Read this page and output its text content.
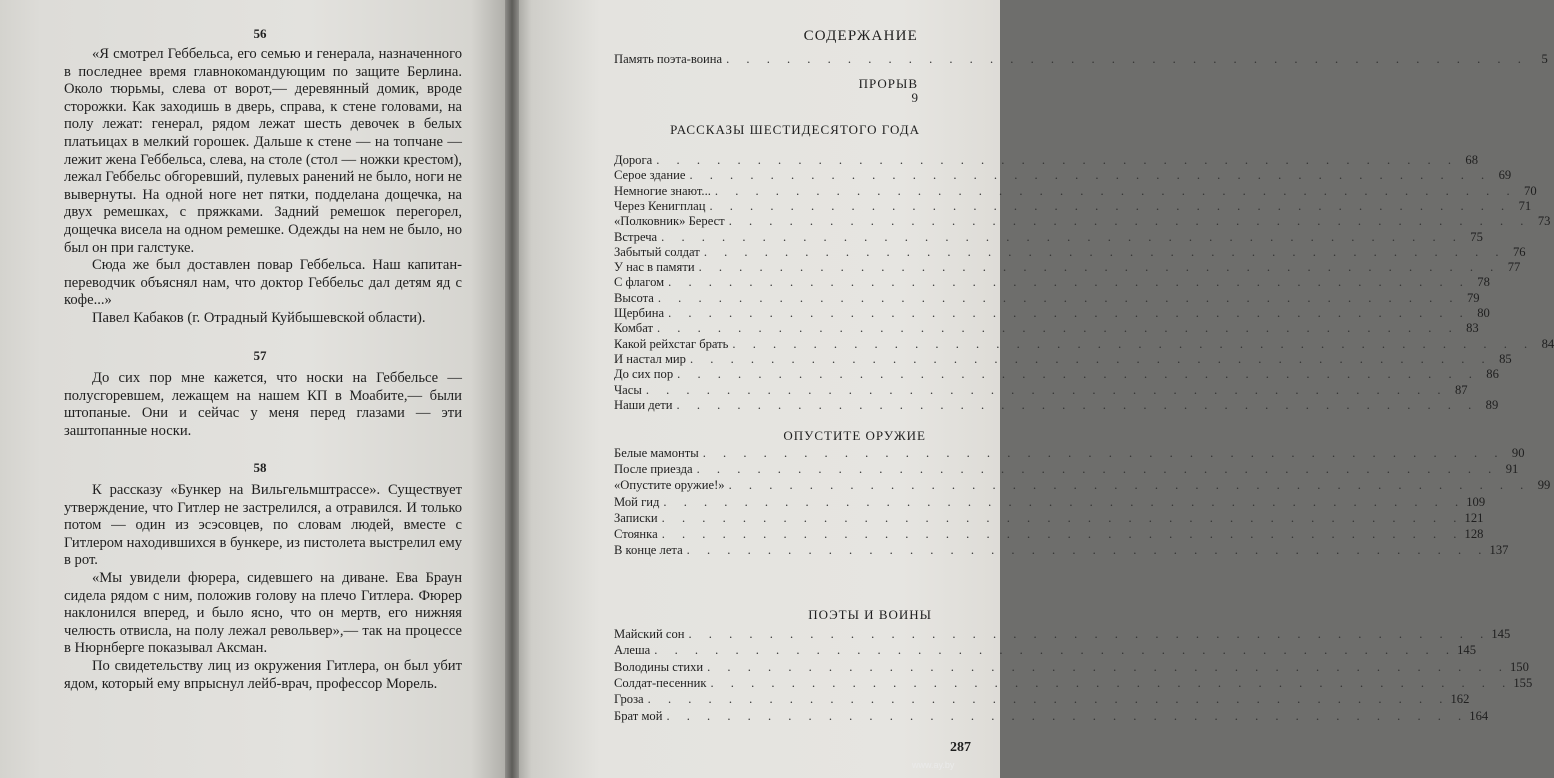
56

«Я смотрел Геббельса, его семью и генерала, назначенного в последнее время главнокомандующим по защите Берлина. Около тюрьмы, слева от ворот,— деревянный домик, вроде сторожки. Как заходишь в дверь, справа, к стене головами, на полу лежат: генерал, рядом лежат шесть девочек в белых платьицах в мелкий горошек. Дальше к стене — на топчане — лежит жена Геббельса, слева, на столе (стол — ножки крестом), лежал Геббельс обгоревший, пулевых ранений не было, ноги не вывернуты. На одной ноге нет пятки, подделана дощечка, на двух ремешках, с пряжками. Задний ремешок перегорел, дощечка висела на одном ремешке. Одежды на нем не было, но был он при галстуке.

Сюда же был доставлен повар Геббельса. Наш капитан-переводчик объяснял нам, что доктор Геббельс дал детям яд с кофе...»

Павел Кабаков (г. Отрадный Куйбышевской области).

57

До сих пор мне кажется, что носки на Геббельсе — полусгоревшем, лежащем на нашем КП в Моабите,— были штопаные. Они и сейчас у меня перед глазами — эти заштопанные носки.

58

К рассказу «Бункер на Вильгельмштрассе». Существует утверждение, что Гитлер не застрелился, а отравился. И только потом — один из эсэсовцев, по словам людей, вместе с Гитлером находившихся в бункере, из пистолета выстрелил ему в рот.

«Мы увидели фюрера, сидевшего на диване. Ева Браун сидела рядом с ним, положив голову на плечо Гитлера. Фюрер наклонился вперед, и было ясно, что он мертв, его нижняя челюсть отвисла, на полу лежал револьвер»,— так на процессе в Нюрнберге показывал Аксман.

По свидетельству лиц из окружения Гитлера, он был убит ядом, который ему впрыснул лейб-врач, профессор Морель.

СОДЕРЖАНИЕ
Память поэта-воина . . . . . . . . . . . . . . . . . . . . . . . . . . . . . . . . . . . . . . . .	5
ПРОРЫВ
9
РАССКАЗЫ ШЕСТИДЕСЯТОГО ГОДА
Дорога . . . . . . . . . . . . . . . . . . . . . . . . . . . . . . . . . . . . . . . . 68
Серое здание . . . . . . . . . . . . . . . . . . . . . . . . . . . . . . . . . . . . . . . . 69
Немногие знают... . . . . . . . . . . . . . . . . . . . . . . . . . . . . . . . . . . . . . . . . 70
Через Кенигплац . . . . . . . . . . . . . . . . . . . . . . . . . . . . . . . . . . . . . . . . 71
«Полковник» Берест . . . . . . . . . . . . . . . . . . . . . . . . . . . . . . . . . . . . . . . . 73
Встреча . . . . . . . . . . . . . . . . . . . . . . . . . . . . . . . . . . . . . . . . 75
Забытый солдат . . . . . . . . . . . . . . . . . . . . . . . . . . . . . . . . . . . . . . . . 76
У нас в памяти . . . . . . . . . . . . . . . . . . . . . . . . . . . . . . . . . . . . . . . . 77
С флагом . . . . . . . . . . . . . . . . . . . . . . . . . . . . . . . . . . . . . . . . 78
Высота . . . . . . . . . . . . . . . . . . . . . . . . . . . . . . . . . . . . . . . . 79
Щербина . . . . . . . . . . . . . . . . . . . . . . . . . . . . . . . . . . . . . . . . 80
Комбат . . . . . . . . . . . . . . . . . . . . . . . . . . . . . . . . . . . . . . . . 83
Какой рейхстаг брать . . . . . . . . . . . . . . . . . . . . . . . . . . . . . . . . . . . . . . . . 84
И настал мир . . . . . . . . . . . . . . . . . . . . . . . . . . . . . . . . . . . . . . . . 85
До сих пор . . . . . . . . . . . . . . . . . . . . . . . . . . . . . . . . . . . . . . . . 86
Часы . . . . . . . . . . . . . . . . . . . . . . . . . . . . . . . . . . . . . . . . 87
Наши дети . . . . . . . . . . . . . . . . . . . . . . . . . . . . . . . . . . . . . . . . 89
ОПУСТИТЕ ОРУЖИЕ
Белые мамонты . . . . . . . . . . . . . . . . . . . . . . . . . . . . . . . . . . . . . . . . 90
После приезда . . . . . . . . . . . . . . . . . . . . . . . . . . . . . . . . . . . . . . . . 91
«Опустите оружие!» . . . . . . . . . . . . . . . . . . . . . . . . . . . . . . . . . . . . . . . . 99
Мой гид . . . . . . . . . . . . . . . . . . . . . . . . . . . . . . . . . . . . . . . . 109
Записки . . . . . . . . . . . . . . . . . . . . . . . . . . . . . . . . . . . . . . . . 121
Стоянка . . . . . . . . . . . . . . . . . . . . . . . . . . . . . . . . . . . . . . . . 128
В конце лета . . . . . . . . . . . . . . . . . . . . . . . . . . . . . . . . . . . . . . . . 137
ПОЭТЫ И ВОИНЫ
Майский сон . . . . . . . . . . . . . . . . . . . . . . . . . . . . . . . . . . . . . . . . 145
Алеша . . . . . . . . . . . . . . . . . . . . . . . . . . . . . . . . . . . . . . . . 145
Володины стихи . . . . . . . . . . . . . . . . . . . . . . . . . . . . . . . . . . . . . . . . 150
Солдат-песенник . . . . . . . . . . . . . . . . . . . . . . . . . . . . . . . . . . . . . . . . 155
Гроза . . . . . . . . . . . . . . . . . . . . . . . . . . . . . . . . . . . . . . . . 162
Брат мой . . . . . . . . . . . . . . . . . . . . . . . . . . . . . . . . . . . . . . . . 164
287
www.ay.by
